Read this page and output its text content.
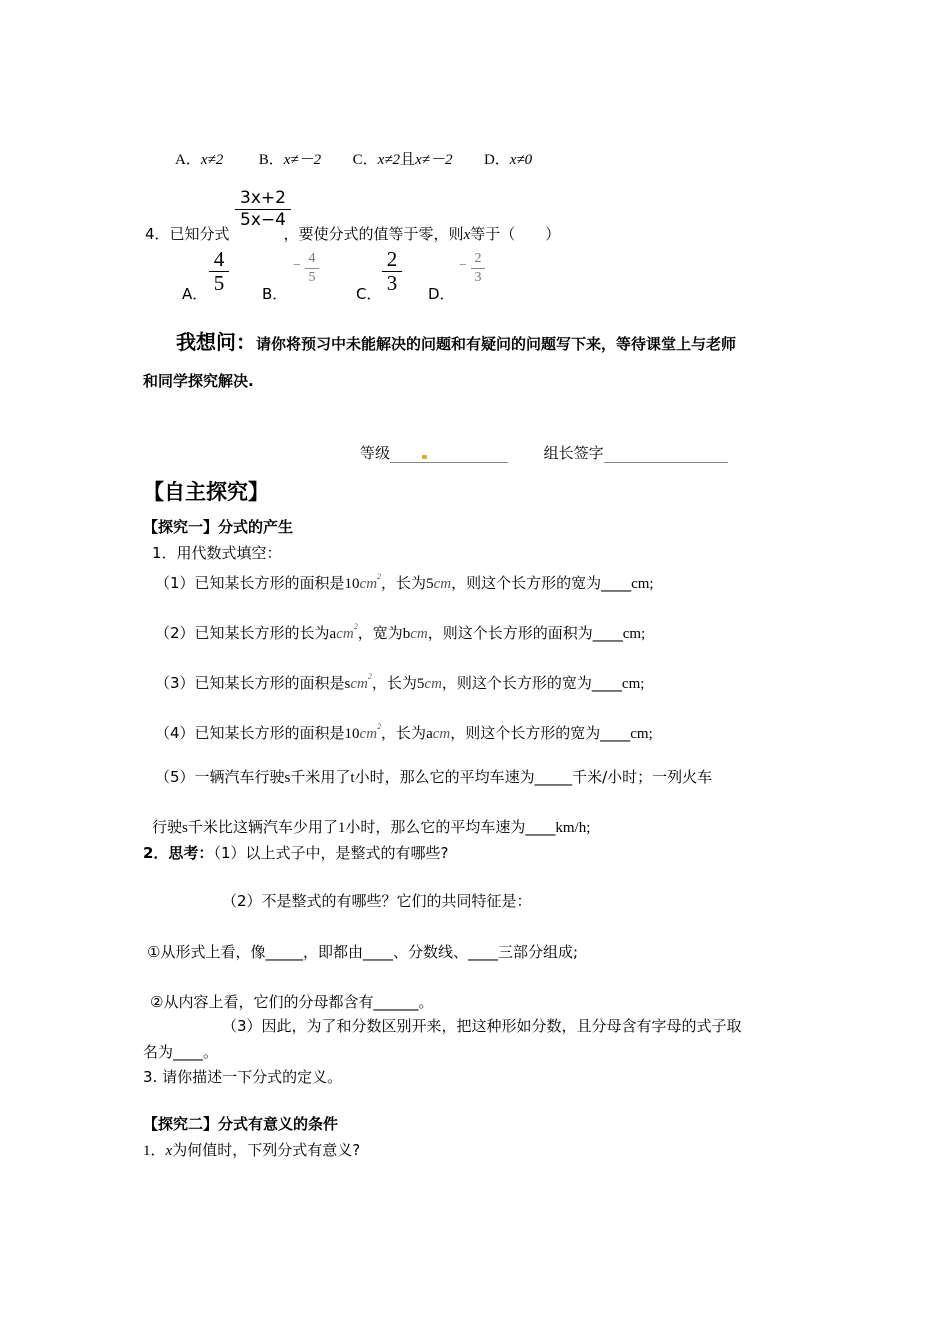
A．x≠2 B．x≠－2 C．x≠2且x≠－2 D．x≠0
3x+2
5x−4
4．已知分式	，要使分式的值等于零，则x等于（　　）
A．
4
5	B．
− 4
5
C．
2
3	D．
− 2
3
我想问：请你将预习中未能解决的问题和有疑问的问题写下来，等待课堂上与老师
和同学探究解决.
等级	组长签字
【自主探究】
【探究一】分式的产生
1．用代数式填空：
（1）已知某长方形的面积是$10cm^2$，长为5cm，则这个长方形的宽为____cm;
（2）已知某长方形的长为acm$^2$，宽为bcm，则这个长方形的面积为____cm;
（3）已知某长方形的面积是scm$^2$，长为5cm，则这个长方形的宽为____cm;
（4）已知某长方形的面积是$10cm^2$，长为acm，则这个长方形的宽为____cm;
（5）一辆汽车行驶s千米用了t小时，那么它的平均车速为_____千米/小时；一列火车
行驶s千米比这辆汽车少用了1小时，那么它的平均车速为____km/h;
2．思考：（1）以上式子中，是整式的有哪些?
（2）不是整式的有哪些？它们的共同特征是：
①从形式上看，像_____，即都由____、分数线、____三部分组成;
②从内容上看，它们的分母都含有______。
（3）因此，为了和分数区别开来，把这种形如分数，且分母含有字母的式子取
名为____。
3. 请你描述一下分式的定义。
【探究二】分式有意义的条件
1．x为何值时，下列分式有意义?
